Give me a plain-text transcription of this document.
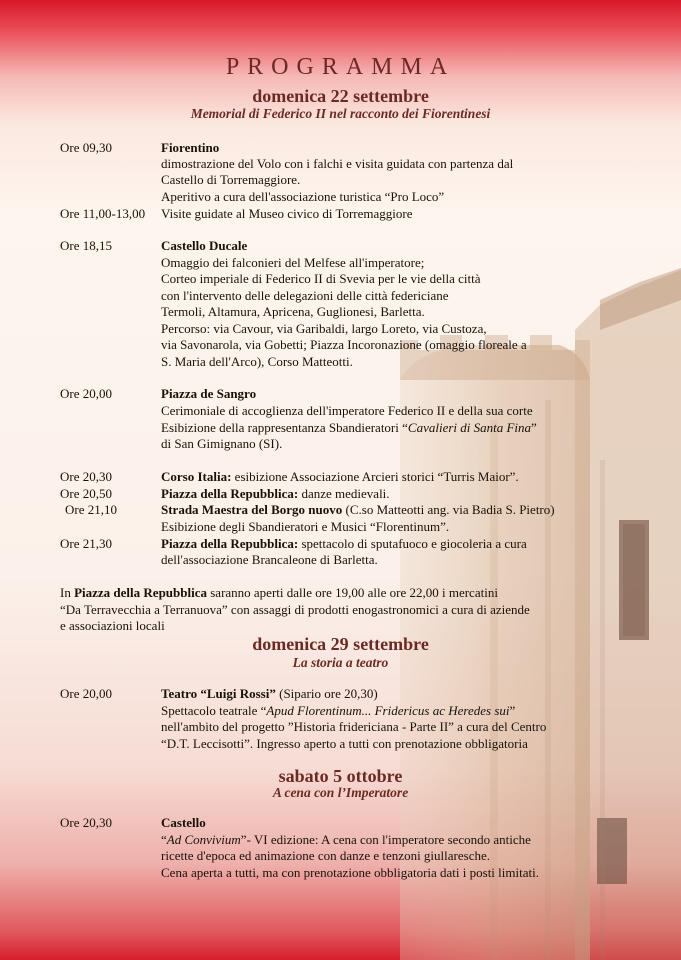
PROGRAMMA
domenica 22 settembre
Memorial di Federico II nel racconto dei Fiorentinesi
Ore 09,30	Fiorentino
dimostrazione del Volo con i falchi e visita guidata con partenza dal
Castello di Torremaggiore.
Aperitivo a cura dell'associazione turistica “Pro Loco”
Ore 11,00-13,00 Visite guidate al Museo civico di Torremaggiore
Ore 18,15	Castello Ducale
Omaggio dei falconieri del Melfese all'imperatore;
Corteo imperiale di Federico II di Svevia per le vie della città
con l'intervento delle delegazioni delle città federiciane
Termoli, Altamura, Apricena, Guglionesi, Barletta.
Percorso: via Cavour, via Garibaldi, largo Loreto, via Custoza,
via Savonarola, via Gobetti; Piazza Incoronazione (omaggio floreale a
S. Maria dell'Arco), Corso Matteotti.
Ore 20,00	Piazza de Sangro
Cerimoniale di accoglienza dell'imperatore Federico II e della sua corte
Esibizione della rappresentanza Sbandieratori “Cavalieri di Santa Fina”
di San Gimignano (SI).
Ore 20,30	Corso Italia: esibizione Associazione Arcieri storici “Turris Maior”.
Ore 20,50	Piazza della Repubblica: danze medievali.
Ore 21,10	Strada Maestra del Borgo nuovo (C.so Matteotti ang. via Badia S. Pietro)
Esibizione degli Sbandieratori e Musici “Florentinum”.
Ore 21,30	Piazza della Repubblica: spettacolo di sputafuoco e giocoleria a cura
dell'associazione Brancaleone di Barletta.
In Piazza della Repubblica saranno aperti dalle ore 19,00 alle ore 22,00 i mercatini
“Da Terravecchia a Terranuova” con assaggi di prodotti enogastronomici a cura di aziende
e associazioni locali
domenica 29 settembre
La storia a teatro
Ore 20,00	Teatro “Luigi Rossi” (Sipario ore 20,30)
Spettacolo teatrale “Apud Florentinum... Fridericus ac Heredes sui”
nell'ambito del progetto ”Historia fridericiana - Parte II” a cura del Centro
“D.T. Leccisotti”. Ingresso aperto a tutti con prenotazione obbligatoria
sabato 5 ottobre
A cena con l’Imperatore
Ore 20,30	Castello
“Ad Convivium”- VI edizione: A cena con l'imperatore secondo antiche
ricette d'epoca ed animazione con danze e tenzoni giullaresche.
Cena aperta a tutti, ma con prenotazione obbligatoria dati i posti limitati.
